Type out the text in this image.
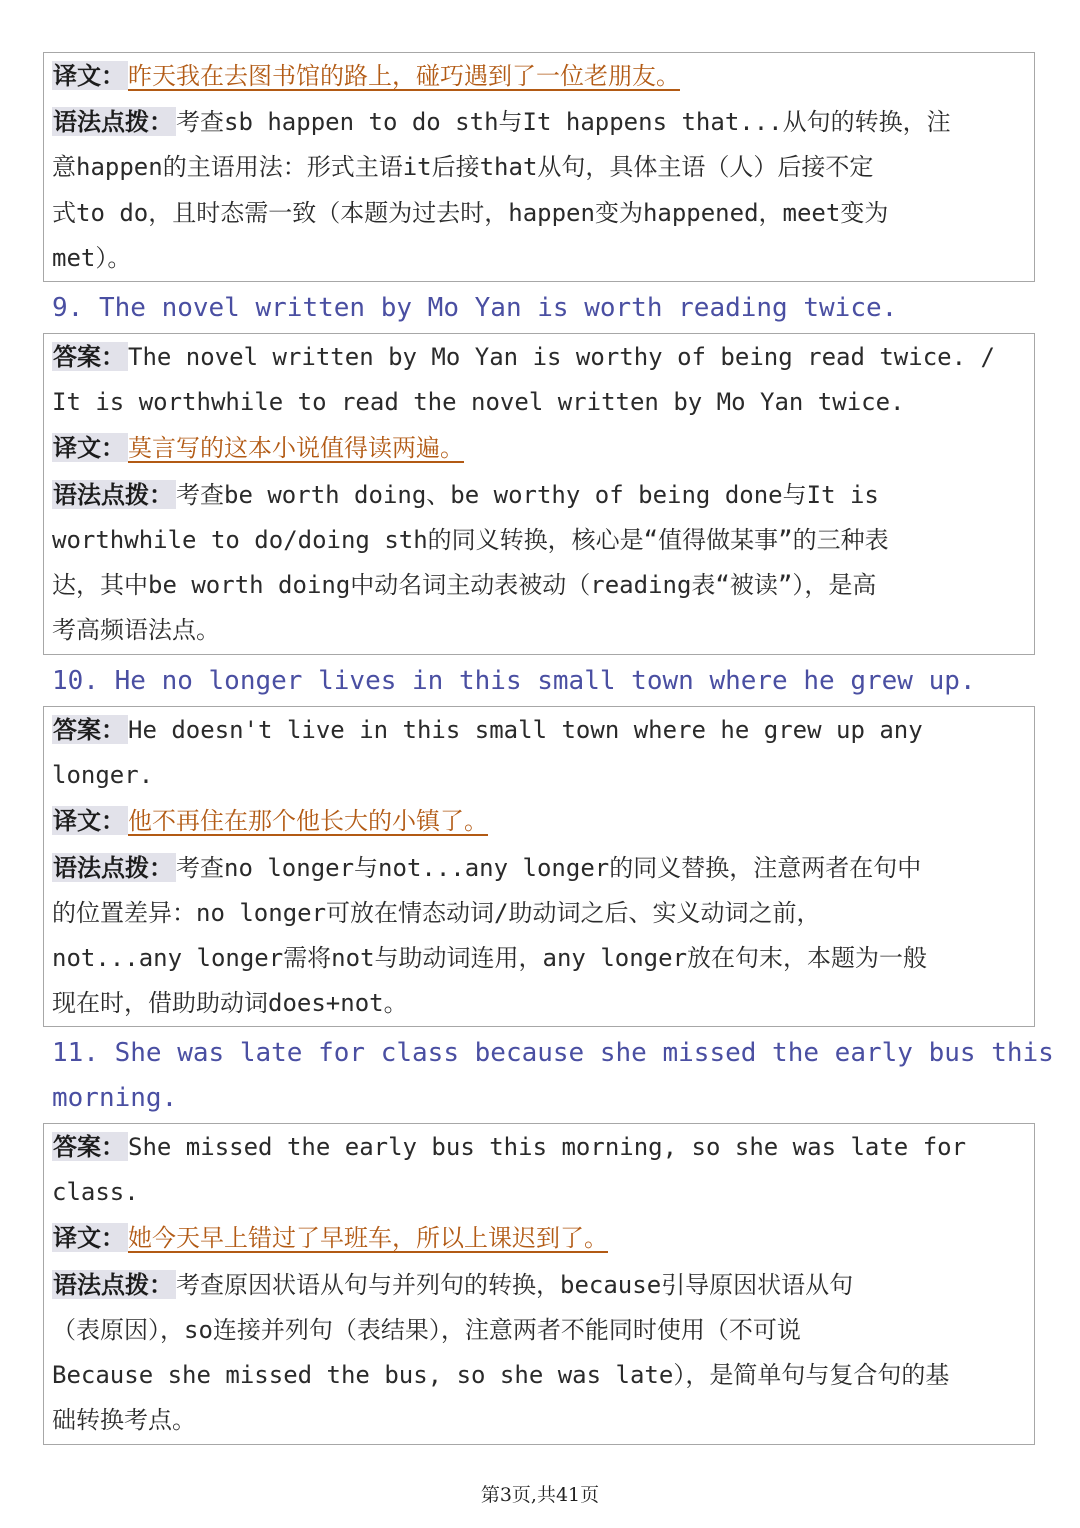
译文： 昨天我在去图书馆的路上，碰巧遇到了一位老朋友。
语法点拨： 考查sb happen to do sth与It happens that...从句的转换，注
意happen的主语用法：形式主语it后接that从句，具体主语（人）后接不定
式to do，且时态需一致（本题为过去时，happen变为happened，meet变为
met）。
9. The novel written by Mo Yan is worth reading twice.
答案： The novel written by Mo Yan is worthy of being read twice. /
It is worthwhile to read the novel written by Mo Yan twice.
译文： 莫言写的这本小说值得读两遍。
语法点拨： 考查be worth doing、be worthy of being done与It is
worthwhile to do/doing sth的同义转换，核心是“值得做某事”的三种表
达，其中be worth doing中动名词主动表被动（reading表“被读”），是高
考高频语法点。
10. He no longer lives in this small town where he grew up.
答案： He doesn't live in this small town where he grew up any
longer.
译文： 他不再住在那个他长大的小镇了。
语法点拨： 考查no longer与not...any longer的同义替换，注意两者在句中
的位置差异：no longer可放在情态动词/助动词之后、实义动词之前，
not...any longer需将not与助动词连用，any longer放在句末，本题为一般
现在时，借助助动词does+not。
11. She was late for class because she missed the early bus this
morning.
答案： She missed the early bus this morning, so she was late for
class.
译文： 她今天早上错过了早班车，所以上课迟到了。
语法点拨： 考查原因状语从句与并列句的转换，because引导原因状语从句
（表原因），so连接并列句（表结果），注意两者不能同时使用（不可说
Because she missed the bus, so she was late），是简单句与复合句的基
础转换考点。
第3页,共41页
